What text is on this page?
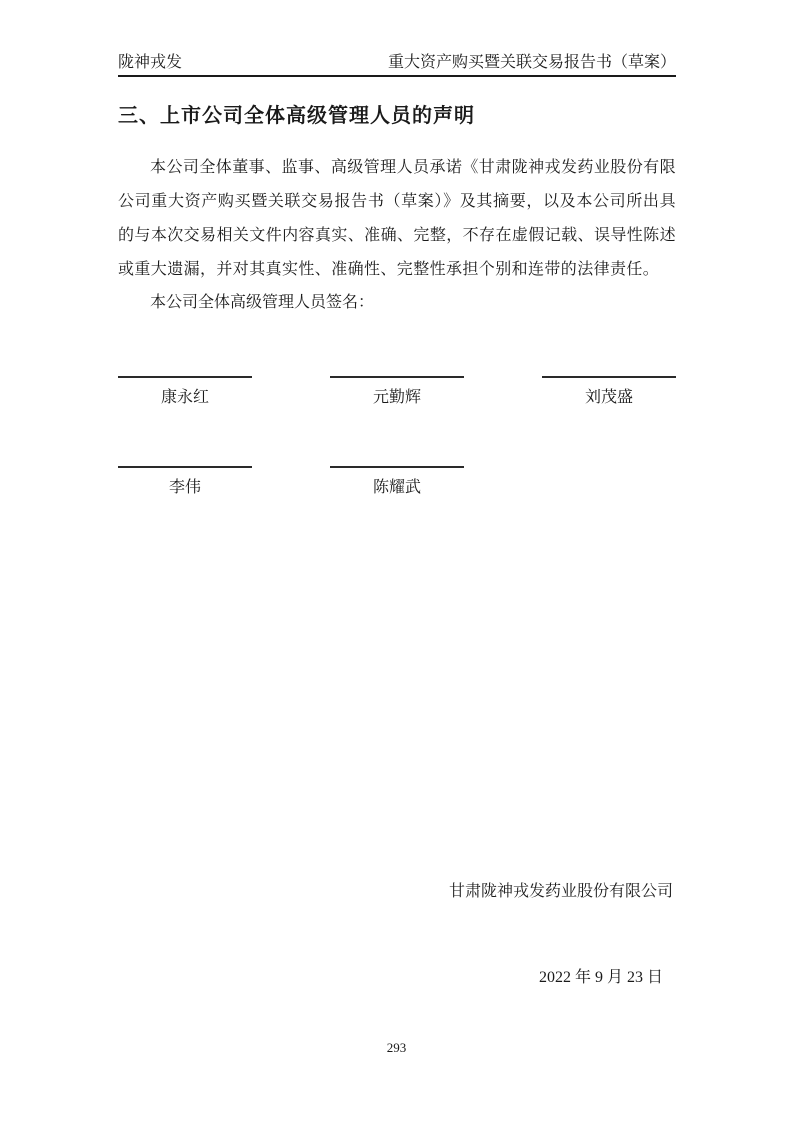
陇神戎发	重大资产购买暨关联交易报告书（草案）
三、上市公司全体高级管理人员的声明
本公司全体董事、监事、高级管理人员承诺《甘肃陇神戎发药业股份有限公司重大资产购买暨关联交易报告书（草案）》及其摘要，以及本公司所出具的与本次交易相关文件内容真实、准确、完整，不存在虚假记载、误导性陈述或重大遗漏，并对其真实性、准确性、完整性承担个别和连带的法律责任。
本公司全体高级管理人员签名：
康永红	元勤辉	刘茂盛
李伟	陈耀武
甘肃陇神戎发药业股份有限公司
2022 年 9 月 23 日
293
